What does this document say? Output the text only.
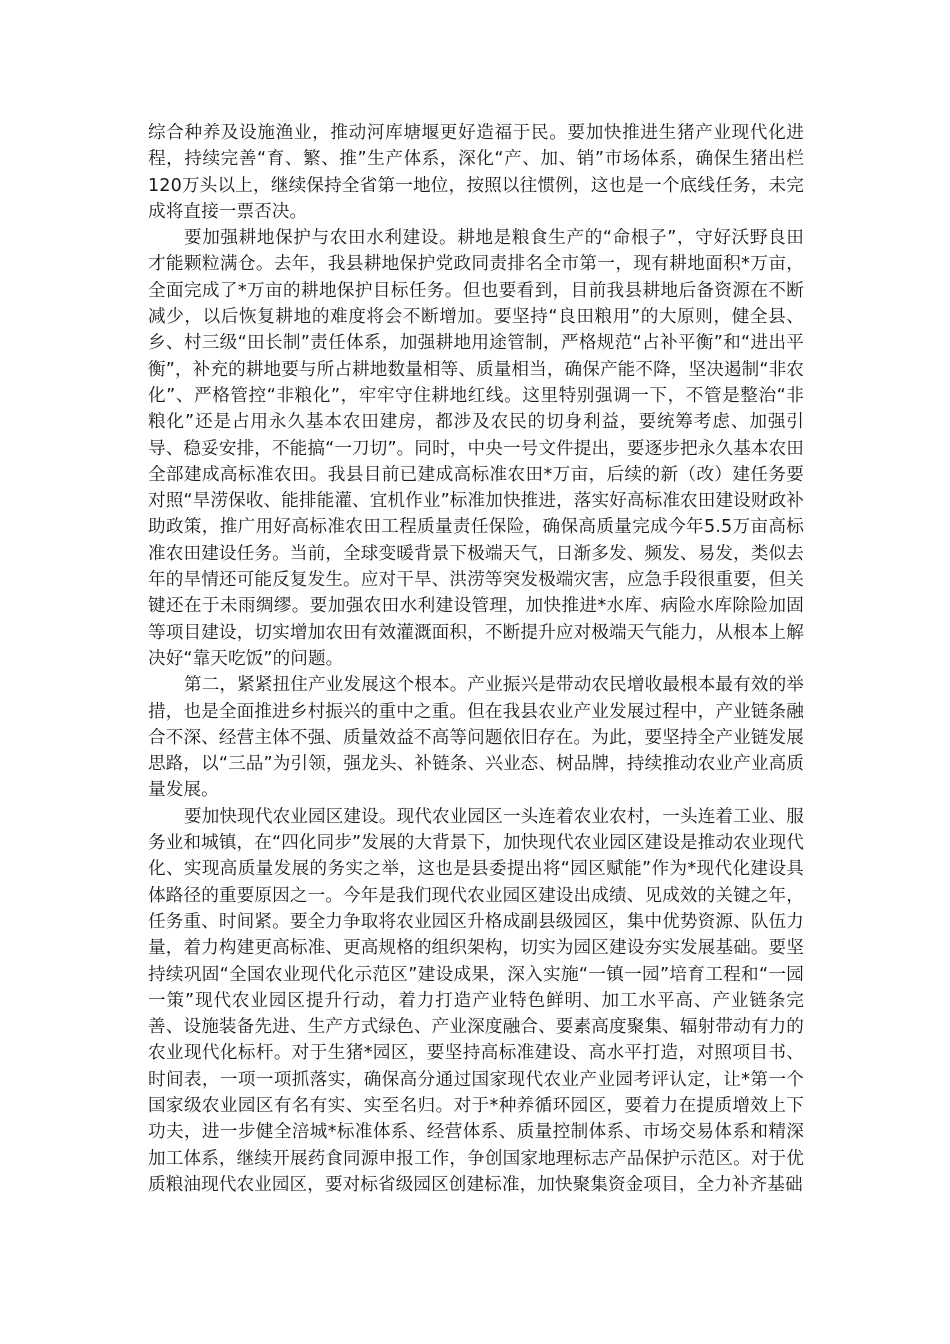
综合种养及设施渔业，推动河库塘堰更好造福于民。要加快推进生猪产业现代化进程，持续完善“育、繁、推”生产体系，深化“产、加、销”市场体系，确保生猪出栏120万头以上，继续保持全省第一地位，按照以往惯例，这也是一个底线任务，未完成将直接一票否决。

要加强耕地保护与农田水利建设。耕地是粮食生产的“命根子”，守好沃野良田才能颗粒满仓。去年，我县耕地保护党政同责排名全市第一，现有耕地面积*万亩，全面完成了*万亩的耕地保护目标任务。但也要看到，目前我县耕地后备资源在不断减少，以后恢复耕地的难度将会不断增加。要坚持“良田粮用”的大原则，健全县、乡、村三级“田长制”责任体系，加强耕地用途管制，严格规范“占补平衡”和“进出平衡”，补充的耕地要与所占耕地数量相等、质量相当，确保产能不降，坚决遏制“非农化”、严格管控“非粮化”，牢牢守住耕地红线。这里特别强调一下，不管是整治“非粮化”还是占用永久基本农田建房，都涉及农民的切身利益，要统筹考虑、加强引导、稳妥安排，不能搞“一刀切”。同时，中央一号文件提出，要逐步把永久基本农田全部建成高标准农田。我县目前已建成高标准农田*万亩，后续的新（改）建任务要对照“旱涝保收、能排能灌、宜机作业”标准加快推进，落实好高标准农田建设财政补助政策，推广用好高标准农田工程质量责任保险，确保高质量完成今年5.5万亩高标准农田建设任务。当前，全球变暖背景下极端天气，日渐多发、频发、易发，类似去年的旱情还可能反复发生。应对干旱、洪涝等突发极端灾害，应急手段很重要，但关键还在于未雨绸缪。要加强农田水利建设管理，加快推进*水库、病险水库除险加固等项目建设，切实增加农田有效灌溉面积，不断提升应对极端天气能力，从根本上解决好“靠天吃饭”的问题。

第二，紧紧扭住产业发展这个根本。产业振兴是带动农民增收最根本最有效的举措，也是全面推进乡村振兴的重中之重。但在我县农业产业发展过程中，产业链条融合不深、经营主体不强、质量效益不高等问题依旧存在。为此，要坚持全产业链发展思路，以“三品”为引领，强龙头、补链条、兴业态、树品牌，持续推动农业产业高质量发展。

要加快现代农业园区建设。现代农业园区一头连着农业农村，一头连着工业、服务业和城镇，在“四化同步”发展的大背景下，加快现代农业园区建设是推动农业现代化、实现高质量发展的务实之举，这也是县委提出将“园区赋能”作为*现代化建设具体路径的重要原因之一。今年是我们现代农业园区建设出成绩、见成效的关键之年，任务重、时间紧。要全力争取将农业园区升格成副县级园区，集中优势资源、队伍力量，着力构建更高标准、更高规格的组织架构，切实为园区建设夯实发展基础。要坚持续巩固“全国农业现代化示范区”建设成果，深入实施“一镇一园”培育工程和“一园一策”现代农业园区提升行动，着力打造产业特色鲜明、加工水平高、产业链条完善、设施装备先进、生产方式绿色、产业深度融合、要素高度聚集、辐射带动有力的农业现代化标杆。对于生猪*园区，要坚持高标准建设、高水平打造，对照项目书、时间表，一项一项抓落实，确保高分通过国家现代农业产业园考评认定，让*第一个国家级农业园区有名有实、实至名归。对于*种养循环园区，要着力在提质增效上下功夫，进一步健全涪城*标准体系、经营体系、质量控制体系、市场交易体系和精深加工体系，继续开展药食同源申报工作，争创国家地理标志产品保护示范区。对于优质粮油现代农业园区，要对标省级园区创建标准，加快聚集资金项目，全力补齐基础
